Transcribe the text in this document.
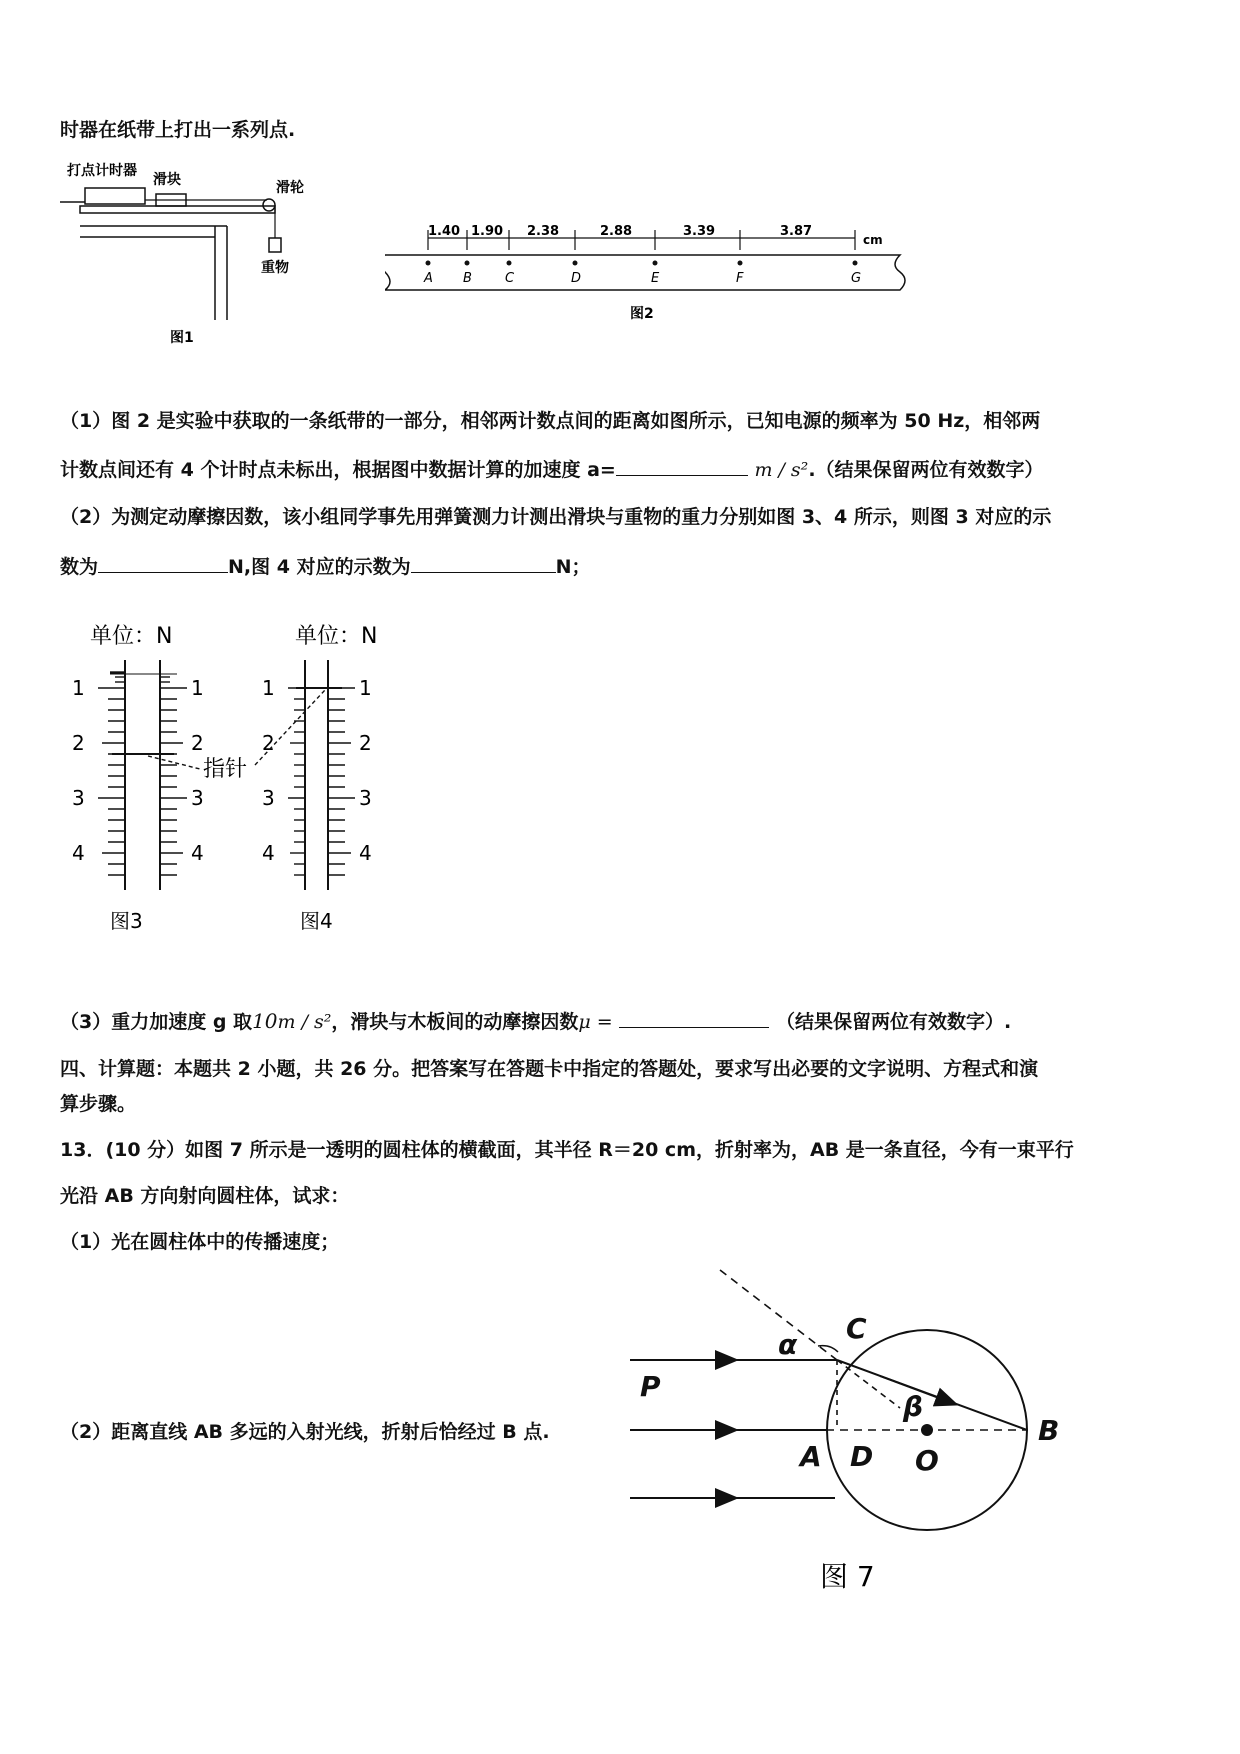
时器在纸带上打出一系列点.
打点计时器
滑块	滑轮
重物
图1
1.40 1.90 2.38	2.88	3.39	3.87
cm
A B	C	D	E	F	G
图2
（1）图 2 是实验中获取的一条纸带的一部分，相邻两计数点间的距离如图所示，已知电源的频率为 50 Hz，相邻两
计数点间还有 4 个计时点未标出，根据图中数据计算的加速度 a=	m / s².（结果保留两位有效数字）
（2）为测定动摩擦因数，该小组同学事先用弹簧测力计测出滑块与重物的重力分别如图 3、4 所示，则图 3 对应的示
数为	N,图 4 对应的示数为	N；
单位：N	单位：N
1
3
4
2
1
2
3
4
1
2
3
4
1
2
3
4
指针
图3	图4
（3）重力加速度 g 取10m / s²，滑块与木板间的动摩擦因数μ =	（结果保留两位有效数字）.
四、计算题：本题共 2 小题，共 26 分。把答案写在答题卡中指定的答题处，要求写出必要的文字说明、方程式和演
算步骤。
13．(10 分）如图 7 所示是一透明的圆柱体的横截面，其半径 R＝20 cm，折射率为，AB 是一条直径，今有一束平行
光沿 AB 方向射向圆柱体，试求：
（1）光在圆柱体中的传播速度；
（2）距离直线 AB 多远的入射光线，折射后恰经过 B 点.
α C
P
β
A D O
B
图 7
